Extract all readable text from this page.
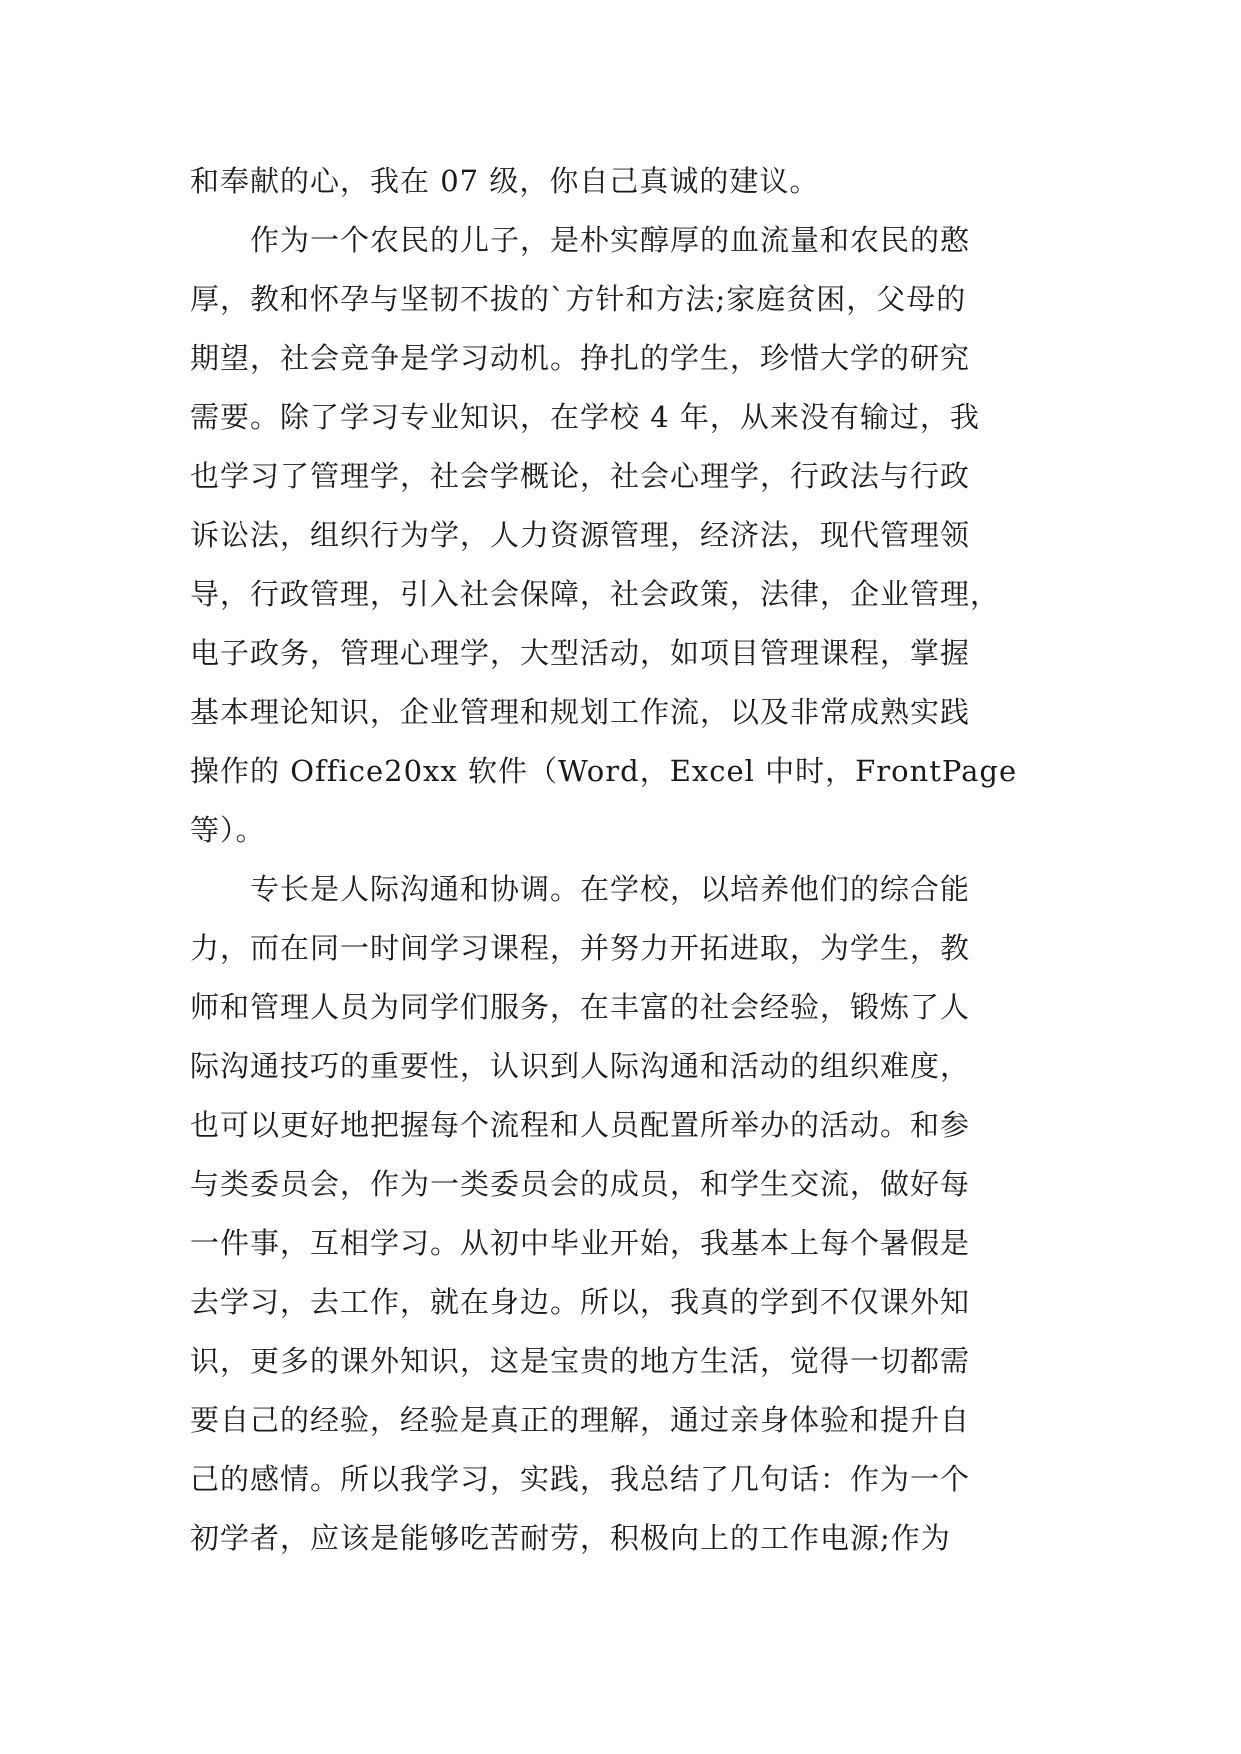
和奉献的心，我在 07 级，你自己真诚的建议。
作为一个农民的儿子，是朴实醇厚的血流量和农民的憨
厚，教和怀孕与坚韧不拔的`方针和方法;家庭贫困，父母的
期望，社会竞争是学习动机。挣扎的学生，珍惜大学的研究
需要。除了学习专业知识，在学校 4 年，从来没有输过，我
也学习了管理学，社会学概论，社会心理学，行政法与行政
诉讼法，组织行为学，人力资源管理，经济法，现代管理领
导，行政管理，引入社会保障，社会政策，法律，企业管理，
电子政务，管理心理学，大型活动，如项目管理课程，掌握
基本理论知识，企业管理和规划工作流，以及非常成熟实践
操作的 Office20xx 软件（Word，Excel 中时，FrontPage
等）。
专长是人际沟通和协调。在学校，以培养他们的综合能
力，而在同一时间学习课程，并努力开拓进取，为学生，教
师和管理人员为同学们服务，在丰富的社会经验，锻炼了人
际沟通技巧的重要性，认识到人际沟通和活动的组织难度，
也可以更好地把握每个流程和人员配置所举办的活动。和参
与类委员会，作为一类委员会的成员，和学生交流，做好每
一件事，互相学习。从初中毕业开始，我基本上每个暑假是
去学习，去工作，就在身边。所以，我真的学到不仅课外知
识，更多的课外知识，这是宝贵的地方生活，觉得一切都需
要自己的经验，经验是真正的理解，通过亲身体验和提升自
己的感情。所以我学习，实践，我总结了几句话：作为一个
初学者，应该是能够吃苦耐劳，积极向上的工作电源;作为
